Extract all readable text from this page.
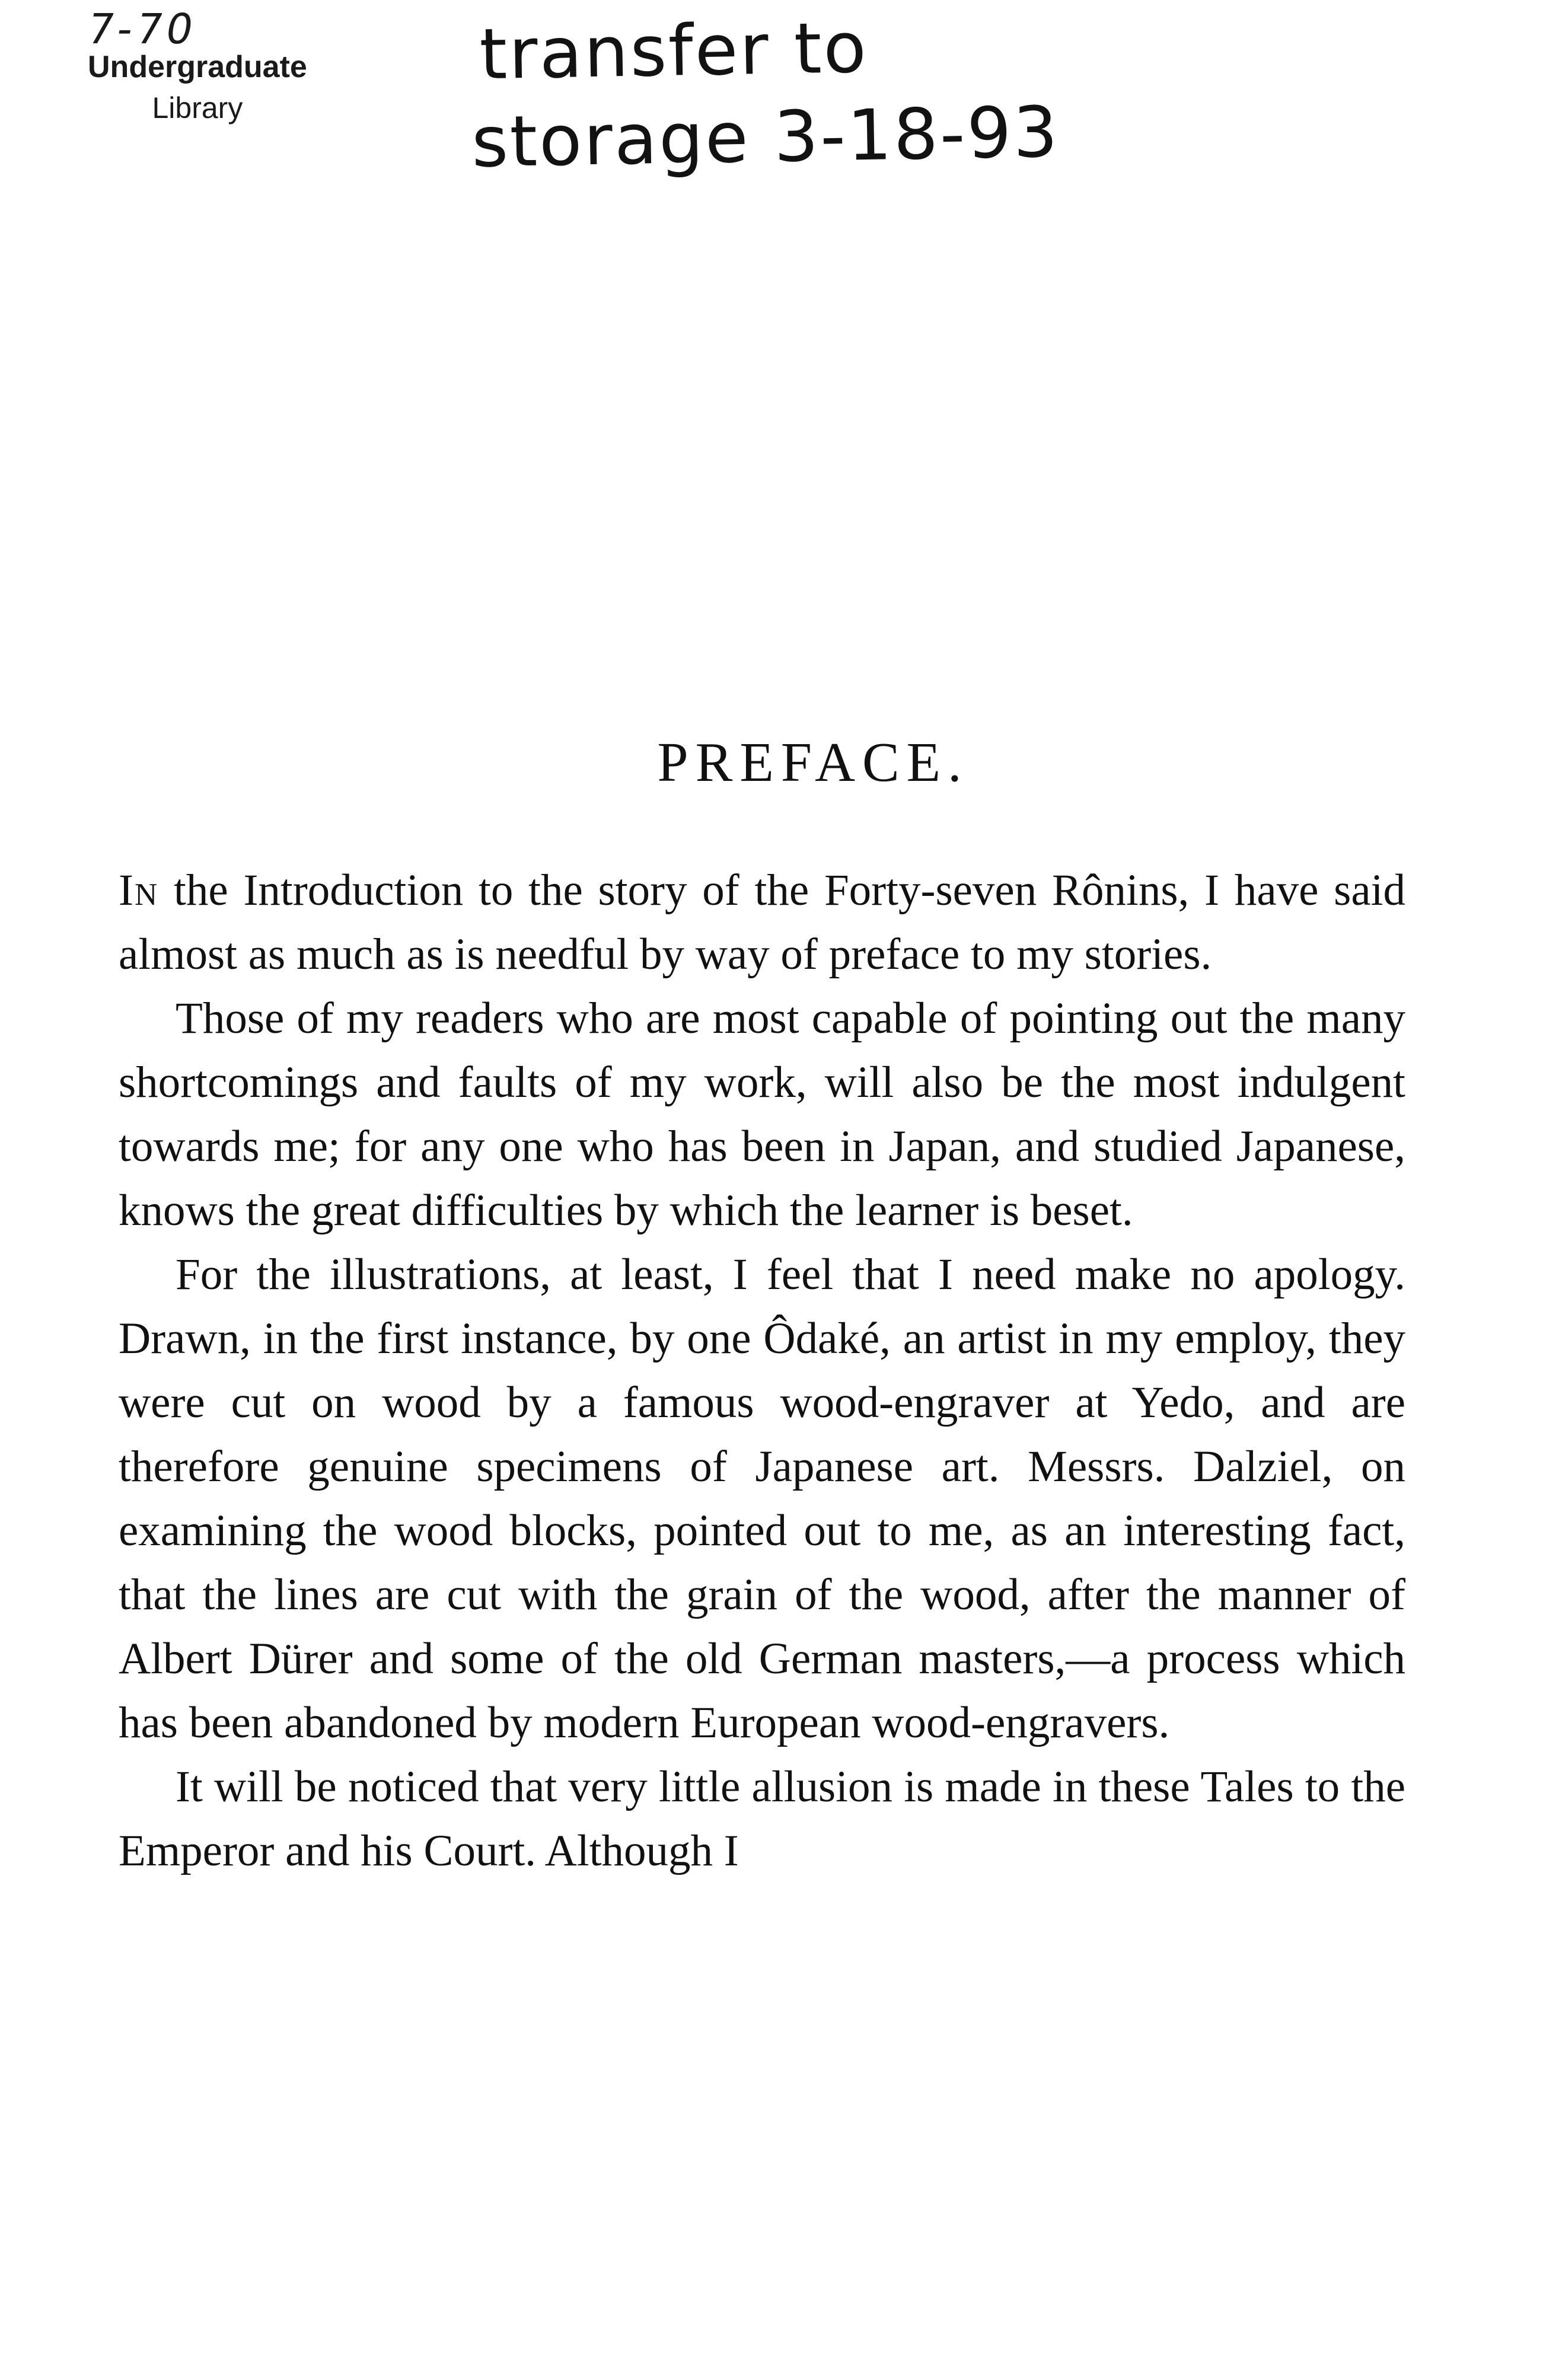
7-70
Undergraduate
Library
transfer to
storage 3-18-93
PREFACE.

In the Introduction to the story of the Forty-seven Rônins, I have said almost as much as is needful by way of preface to my stories.

Those of my readers who are most capable of pointing out the many shortcomings and faults of my work, will also be the most indulgent towards me; for any one who has been in Japan, and studied Japanese, knows the great difficulties by which the learner is beset.

For the illustrations, at least, I feel that I need make no apology. Drawn, in the first instance, by one Ôdaké, an artist in my employ, they were cut on wood by a famous wood-engraver at Yedo, and are therefore genuine specimens of Japanese art. Messrs. Dalziel, on examining the wood blocks, pointed out to me, as an interesting fact, that the lines are cut with the grain of the wood, after the manner of Albert Dürer and some of the old German masters,—a process which has been abandoned by modern European wood-engravers.

It will be noticed that very little allusion is made in these Tales to the Emperor and his Court. Although I
